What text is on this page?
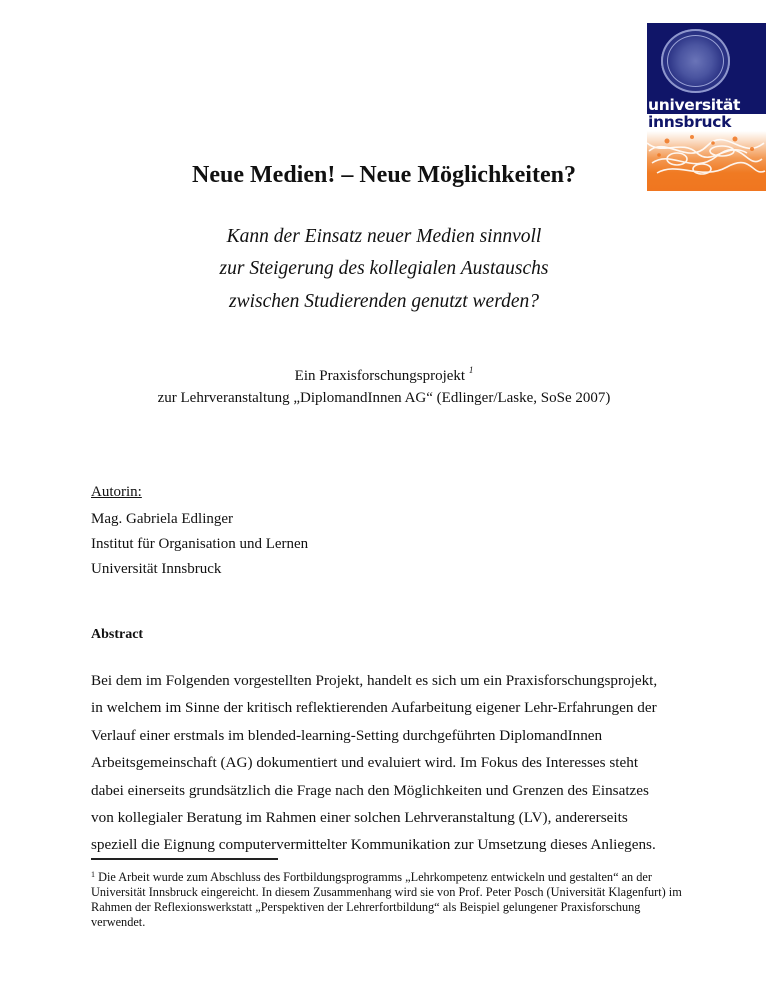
universität
innsbruck
Neue Medien! – Neue Möglichkeiten?
Kann der Einsatz neuer Medien sinnvoll
zur Steigerung des kollegialen Austauschs
zwischen Studierenden genutzt werden?
Ein Praxisforschungsprojekt $^1$
zur Lehrveranstaltung „DiplomandInnen AG“ (Edlinger/Laske, SoSe 2007)
Autorin:
Mag. Gabriela Edlinger
Institut für Organisation und Lernen
Universität Innsbruck
Abstract
Bei dem im Folgenden vorgestellten Projekt, handelt es sich um ein Praxisforschungsprojekt,
in welchem im Sinne der kritisch reflektierenden Aufarbeitung eigener Lehr-Erfahrungen der
Verlauf einer erstmals im blended-learning-Setting durchgeführten DiplomandInnen
Arbeitsgemeinschaft (AG) dokumentiert und evaluiert wird. Im Fokus des Interesses steht
dabei einerseits grundsätzlich die Frage nach den Möglichkeiten und Grenzen des Einsatzes
von kollegialer Beratung im Rahmen einer solchen Lehrveranstaltung (LV), andererseits
speziell die Eignung computervermittelter Kommunikation zur Umsetzung dieses Anliegens.
$^1$ Die Arbeit wurde zum Abschluss des Fortbildungsprogramms „Lehrkompetenz entwickeln und gestalten“ an der Universität Innsbruck eingereicht. In diesem Zusammenhang wird sie von Prof. Peter Posch (Universität Klagenfurt) im Rahmen der Reflexionswerkstatt „Perspektiven der Lehrerfortbildung“ als Beispiel gelungener Praxisforschung verwendet.
